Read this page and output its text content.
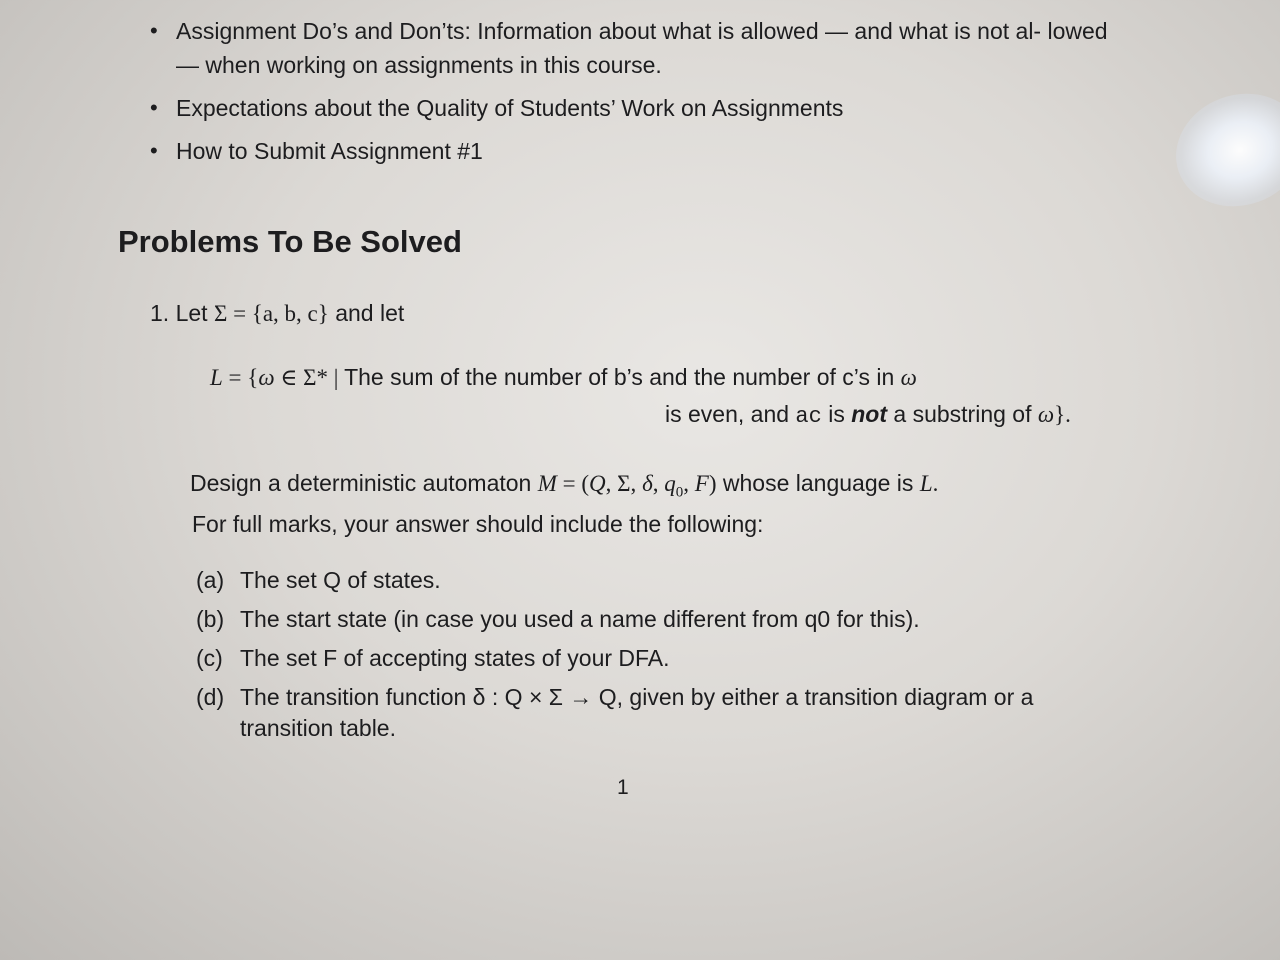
• Assignment Do’s and Don’ts: Information about what is allowed — and what is not al- lowed — when working on assignments in this course.
• Expectations about the Quality of Students’ Work on Assignments
• How to Submit Assignment #1
Problems To Be Solved
1. Let Σ = {a, b, c} and let
L = {ω ∈ Σ* | The sum of the number of b’s and the number of c’s in ω
is even, and ac is not a substring of ω}.
Design a deterministic automaton M = (Q, Σ, δ, $q_0$, F) whose language is L.
For full marks, your answer should include the following:
(a) The set Q of states.
(b) The start state (in case you used a name different from q0 for this).
(c) The set F of accepting states of your DFA.
(d) The transition function δ : Q × Σ → Q, given by either a transition diagram or a transition table.
1
